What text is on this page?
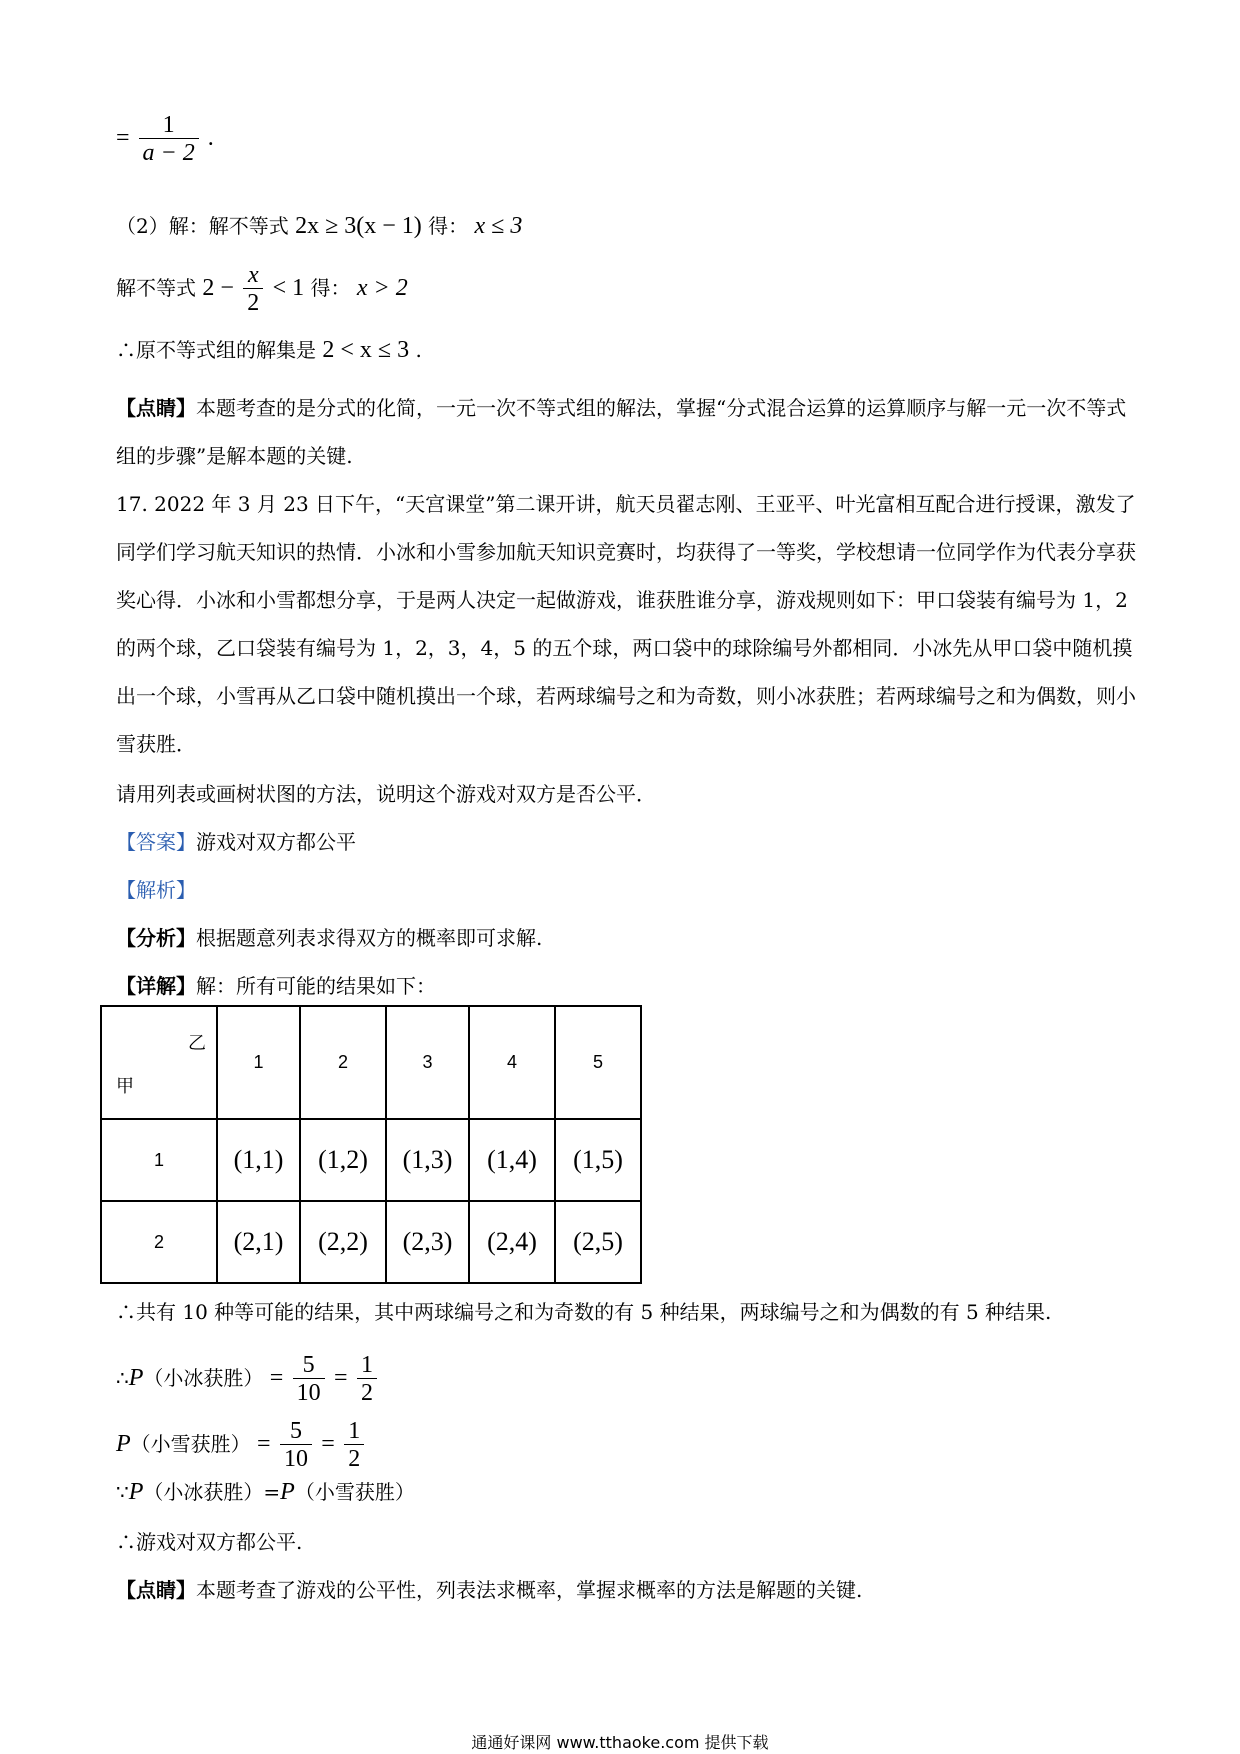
= $\frac{1}{a - 2}$ .
（2）解：解不等式 2x ≥ 3(x − 1) 得： x ≤ 3
解不等式 $2 - \frac{x}{2} < 1$ 得： x > 2
∴原不等式组的解集是 2 < x ≤ 3 .
【点睛】本题考查的是分式的化简，一元一次不等式组的解法，掌握“分式混合运算的运算顺序与解一元一次不等式组的步骤”是解本题的关键.
17. 2022 年 3 月 23 日下午，“天宫课堂”第二课开讲，航天员翟志刚、王亚平、叶光富相互配合进行授课，激发了同学们学习航天知识的热情．小冰和小雪参加航天知识竞赛时，均获得了一等奖，学校想请一位同学作为代表分享获奖心得．小冰和小雪都想分享，于是两人决定一起做游戏，谁获胜谁分享，游戏规则如下：甲口袋装有编号为 1，2 的两个球，乙口袋装有编号为 1，2，3，4，5 的五个球，两口袋中的球除编号外都相同．小冰先从甲口袋中随机摸出一个球，小雪再从乙口袋中随机摸出一个球，若两球编号之和为奇数，则小冰获胜；若两球编号之和为偶数，则小雪获胜．
请用列表或画树状图的方法，说明这个游戏对双方是否公平．
【答案】游戏对双方都公平
【解析】
【分析】根据题意列表求得双方的概率即可求解.
【详解】解：所有可能的结果如下：
乙
甲	1	2	3	4	5
1	(1,1)	(1,2)	(1,3)	(1,4)	(1,5)
2	(2,1)	(2,2)	(2,3)	(2,4)	(2,5)
∴共有 10 种等可能的结果，其中两球编号之和为奇数的有 5 种结果，两球编号之和为偶数的有 5 种结果.
∴P（小冰获胜） = $\frac{5}{10} = \frac{1}{2}$
P（小雪获胜） = $\frac{5}{10} = \frac{1}{2}$
∵P（小冰获胜）=P（小雪获胜）
∴游戏对双方都公平.
【点睛】本题考查了游戏的公平性，列表法求概率，掌握求概率的方法是解题的关键.
通通好课网 www.tthaoke.com 提供下载
